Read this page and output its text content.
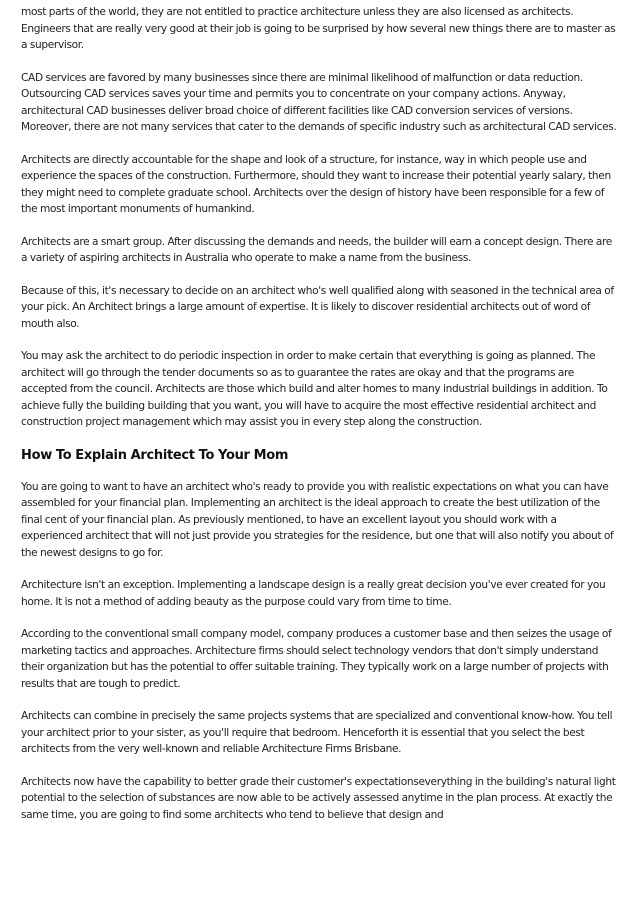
most parts of the world, they are not entitled to practice architecture unless they are also licensed as architects. Engineers that are really very good at their job is going to be surprised by how several new things there are to master as a supervisor.

CAD services are favored by many businesses since there are minimal likelihood of malfunction or data reduction. Outsourcing CAD services saves your time and permits you to concentrate on your company actions. Anyway, architectural CAD businesses deliver broad choice of different facilities like CAD conversion services of versions. Moreover, there are not many services that cater to the demands of specific industry such as architectural CAD services.

Architects are directly accountable for the shape and look of a structure, for instance, way in which people use and experience the spaces of the construction. Furthermore, should they want to increase their potential yearly salary, then they might need to complete graduate school. Architects over the design of history have been responsible for a few of the most important monuments of humankind.

Architects are a smart group. After discussing the demands and needs, the builder will earn a concept design. There are a variety of aspiring architects in Australia who operate to make a name from the business.

Because of this, it's necessary to decide on an architect who's well qualified along with seasoned in the technical area of your pick. An Architect brings a large amount of expertise. It is likely to discover residential architects out of word of mouth also.

You may ask the architect to do periodic inspection in order to make certain that everything is going as planned. The architect will go through the tender documents so as to guarantee the rates are okay and that the programs are accepted from the council. Architects are those which build and alter homes to many industrial buildings in addition. To achieve fully the building building that you want, you will have to acquire the most effective residential architect and construction project management which may assist you in every step along the construction.

How To Explain Architect To Your Mom

You are going to want to have an architect who's ready to provide you with realistic expectations on what you can have assembled for your financial plan. Implementing an architect is the ideal approach to create the best utilization of the final cent of your financial plan. As previously mentioned, to have an excellent layout you should work with a experienced architect that will not just provide you strategies for the residence, but one that will also notify you about of the newest designs to go for.

Architecture isn't an exception. Implementing a landscape design is a really great decision you've ever created for you home. It is not a method of adding beauty as the purpose could vary from time to time.

According to the conventional small company model, company produces a customer base and then seizes the usage of marketing tactics and approaches. Architecture firms should select technology vendors that don't simply understand their organization but has the potential to offer suitable training. They typically work on a large number of projects with results that are tough to predict.

Architects can combine in precisely the same projects systems that are specialized and conventional know-how. You tell your architect prior to your sister, as you'll require that bedroom. Henceforth it is essential that you select the best architects from the very well-known and reliable Architecture Firms Brisbane.

Architects now have the capability to better grade their customer's expectationseverything in the building's natural light potential to the selection of substances are now able to be actively assessed anytime in the plan process. At exactly the same time, you are going to find some architects who tend to believe that design and
